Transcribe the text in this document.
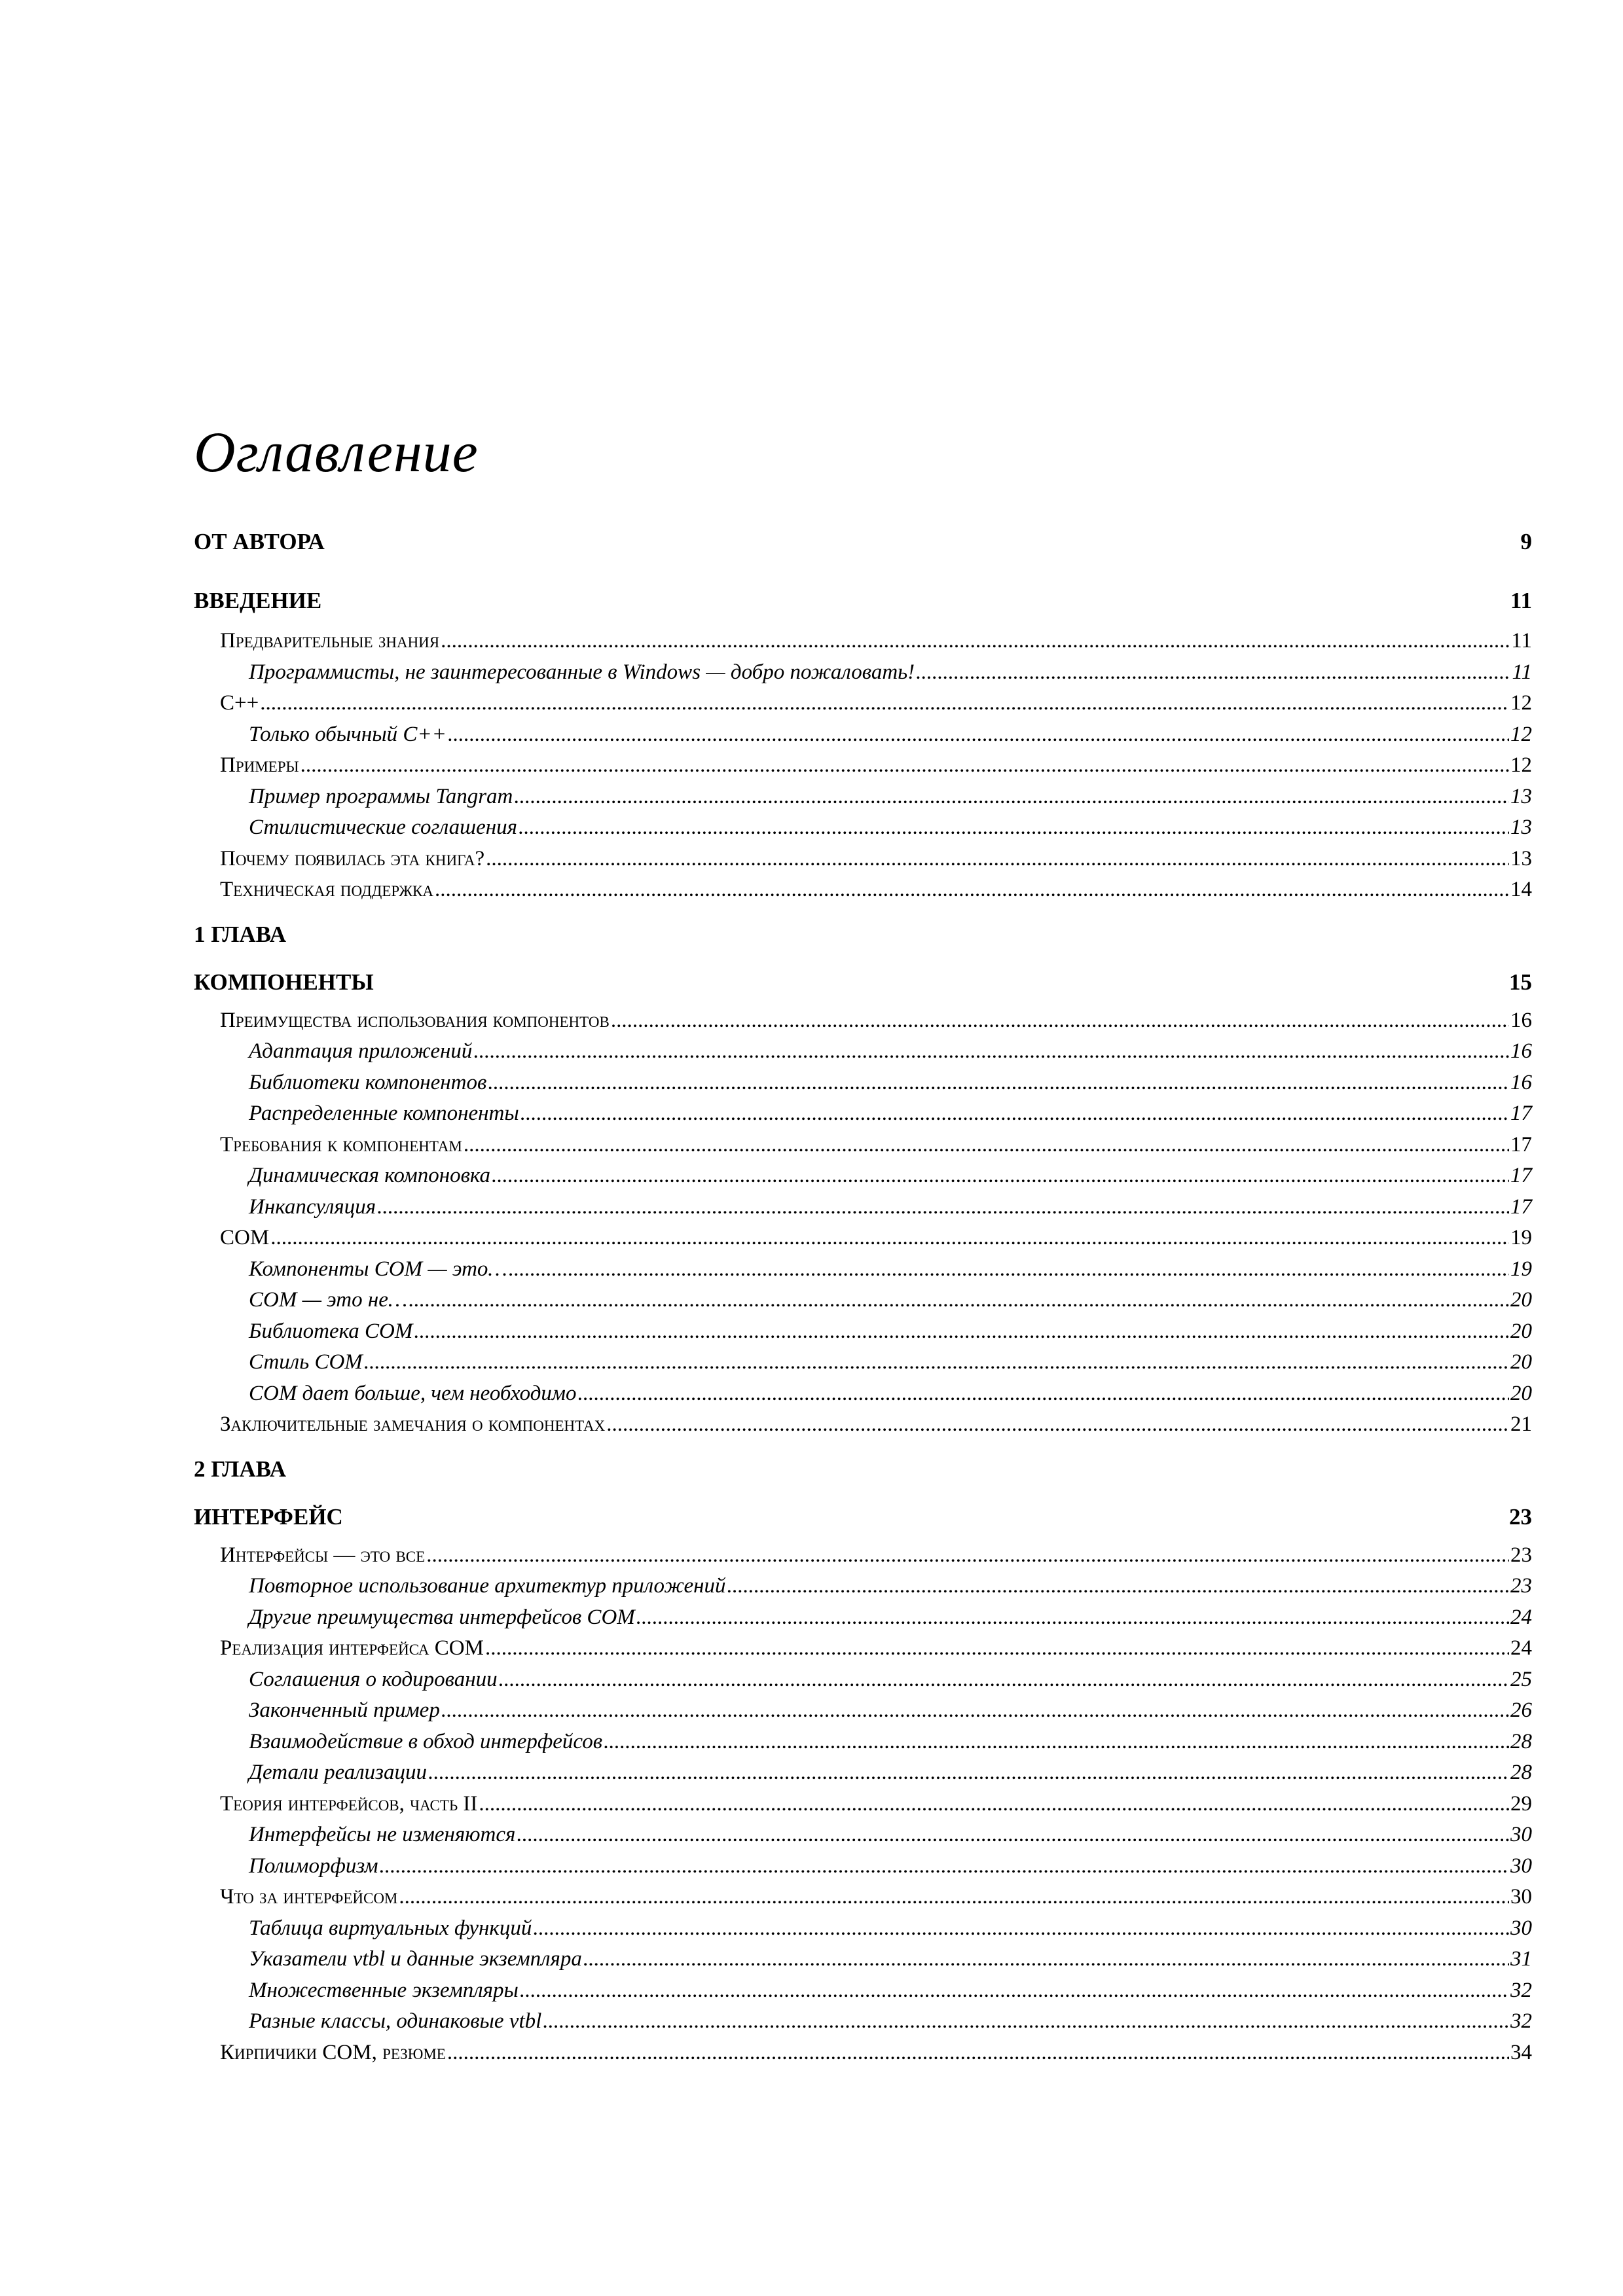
Оглавление
ОТ АВТОРА .....	9
ВВЕДЕНИЕ .....	11
Предварительные знания .....	11
Программисты, не заинтересованные в Windows — добро пожаловать! .....	11
C++ .....	12
Только обычный C++ .....	12
Примеры .....	12
Пример программы Tangram .....	13
Стилистические соглашения .....	13
Почему появилась эта книга? .....	13
Техническая поддержка .....	14
1 ГЛАВА
КОМПОНЕНТЫ .....	15
Преимущества использования компонентов .....	16
Адаптация приложений .....	16
Библиотеки компонентов .....	16
Распределенные компоненты .....	17
Требования к компонентам .....	17
Динамическая компоновка .....	17
Инкапсуляция .....	17
COM .....	19
Компоненты COM — это… .....	19
COM — это не… .....	20
Библиотека COM .....	20
Стиль COM .....	20
COM дает больше, чем необходимо .....	20
Заключительные замечания о компонентах .....	21
2 ГЛАВА
ИНТЕРФЕЙС .....	23
Интерфейсы — это все .....	23
Повторное использование архитектур приложений .....	23
Другие преимущества интерфейсов COM .....	24
Реализация интерфейса COM .....	24
Соглашения о кодировании .....	25
Законченный пример .....	26
Взаимодействие в обход интерфейсов .....	28
Детали реализации .....	28
Теория интерфейсов, часть II .....	29
Интерфейсы не изменяются .....	30
Полиморфизм .....	30
Что за интерфейсом .....	30
Таблица виртуальных функций .....	30
Указатели vtbl и данные экземпляра .....	31
Множественные экземпляры .....	32
Разные классы, одинаковые vtbl .....	32
Кирпичики COM, резюме .....	34
